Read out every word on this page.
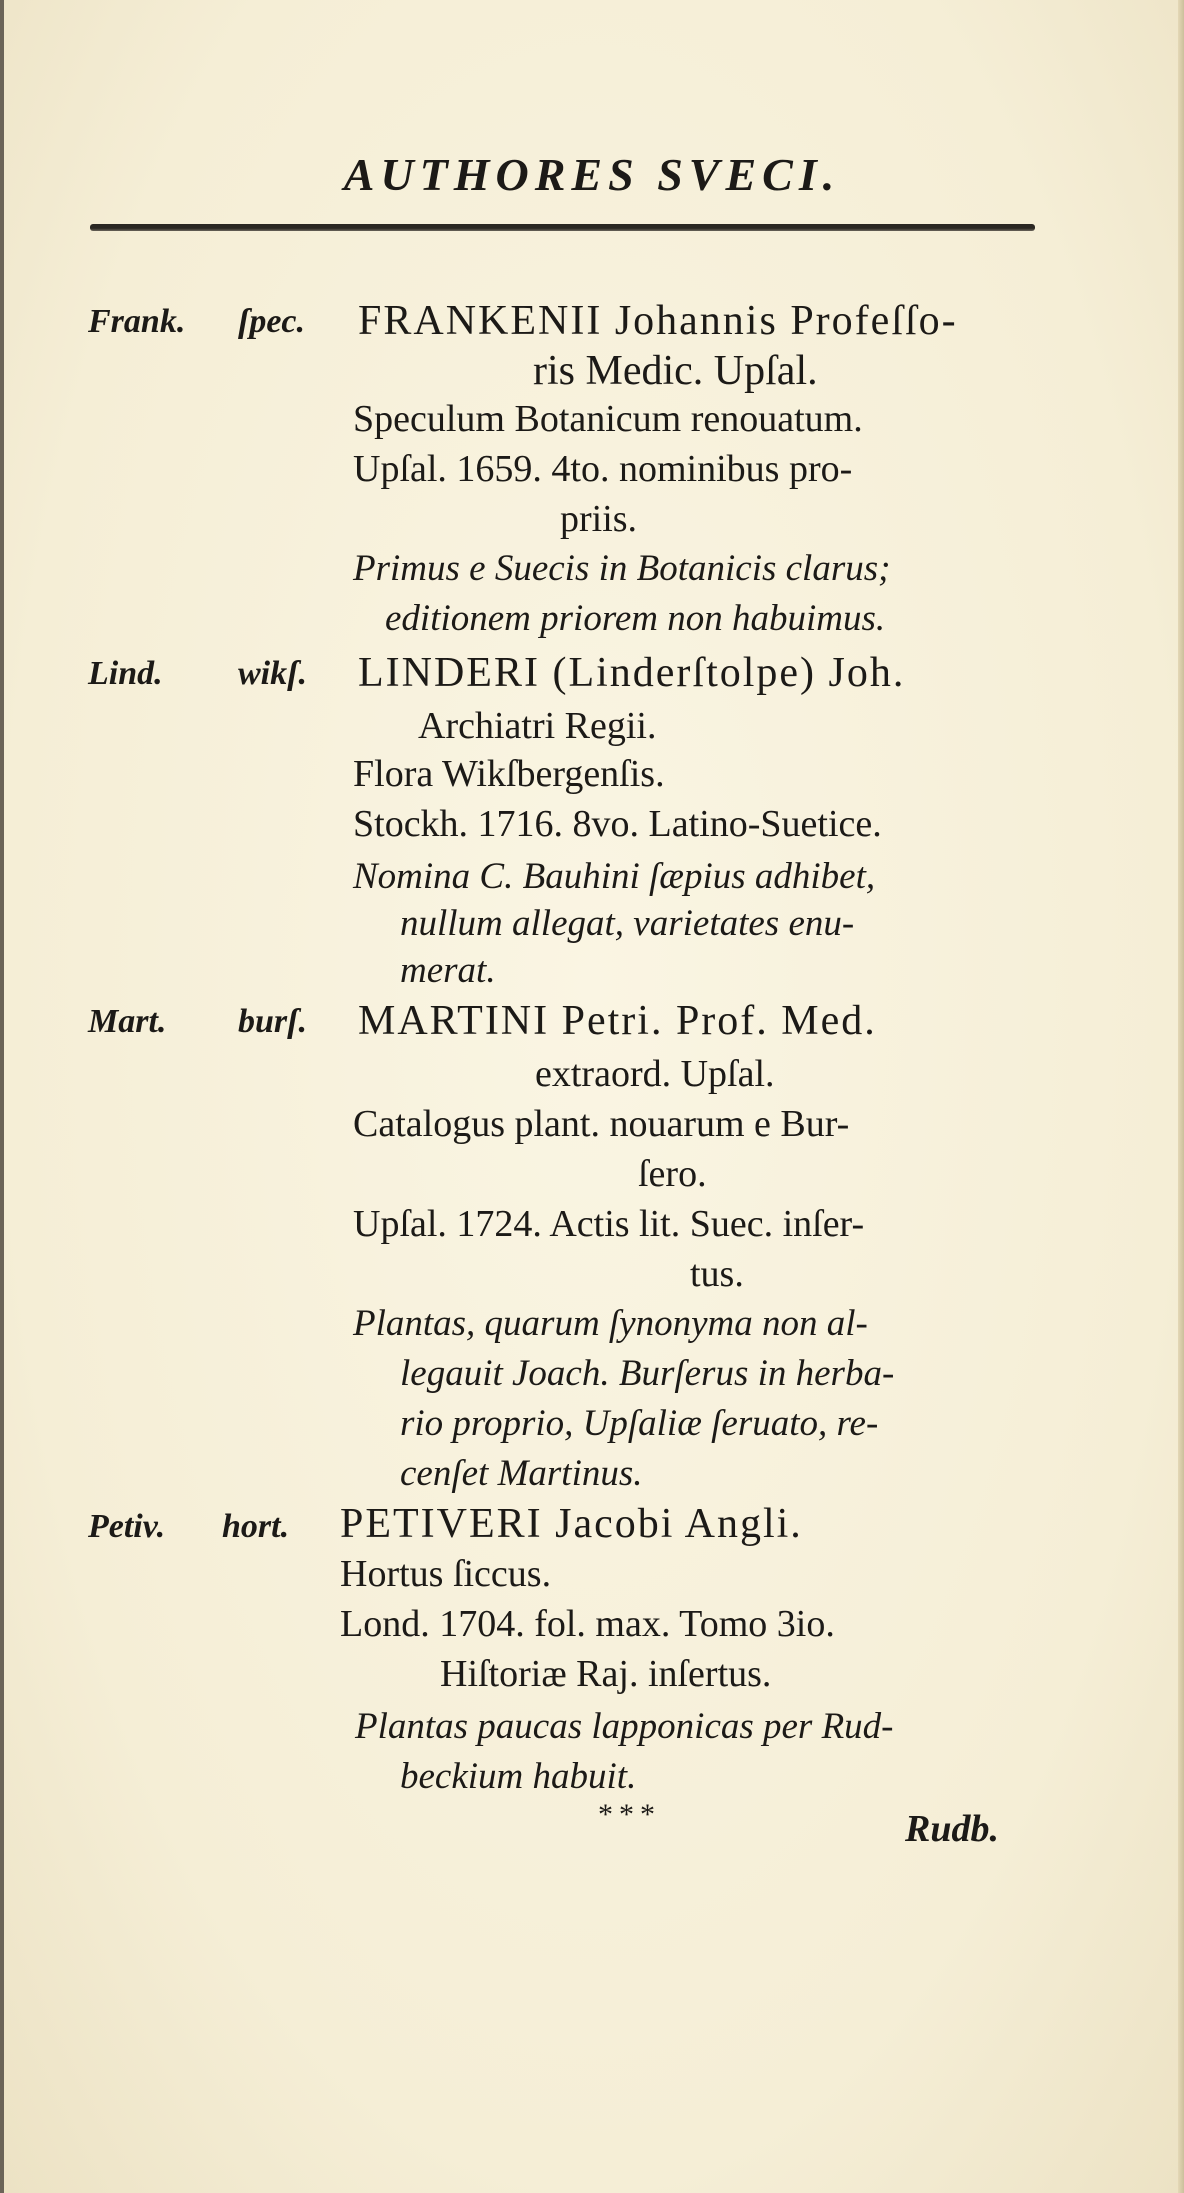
AUTHORES SVECI.
Frank. ſpec. FRANKENII Johannis Profeſſo-
ris Medic. Upſal.
Speculum Botanicum renouatum.
Upſal. 1659. 4to. nominibus pro-
priis.
Primus e Suecis in Botanicis clarus;
editionem priorem non habuimus.
Lind. wikſ. LINDERI (Linderſtolpe) Joh.
Archiatri Regii.
Flora Wikſbergenſis.
Stockh. 1716. 8vo. Latino-Suetice.
Nomina C. Bauhini ſæpius adhibet,
nullum allegat, varietates enu-
merat.
Mart. burſ. MARTINI Petri. Prof. Med.
extraord. Upſal.
Catalogus plant. nouarum e Bur-
ſero.
Upſal. 1724. Actis lit. Suec. inſer-
tus.
Plantas, quarum ſynonyma non al-
legauit Joach. Burſerus in herba-
rio proprio, Upſaliæ ſeruato, re-
cenſet Martinus.
Petiv. hort. PETIVERI Jacobi Angli.
Hortus ſiccus.
Lond. 1704. fol. max. Tomo 3io.
Hiſtoriæ Raj. inſertus.
Plantas paucas lapponicas per Rud-
beckium habuit.
***	Rudb.
